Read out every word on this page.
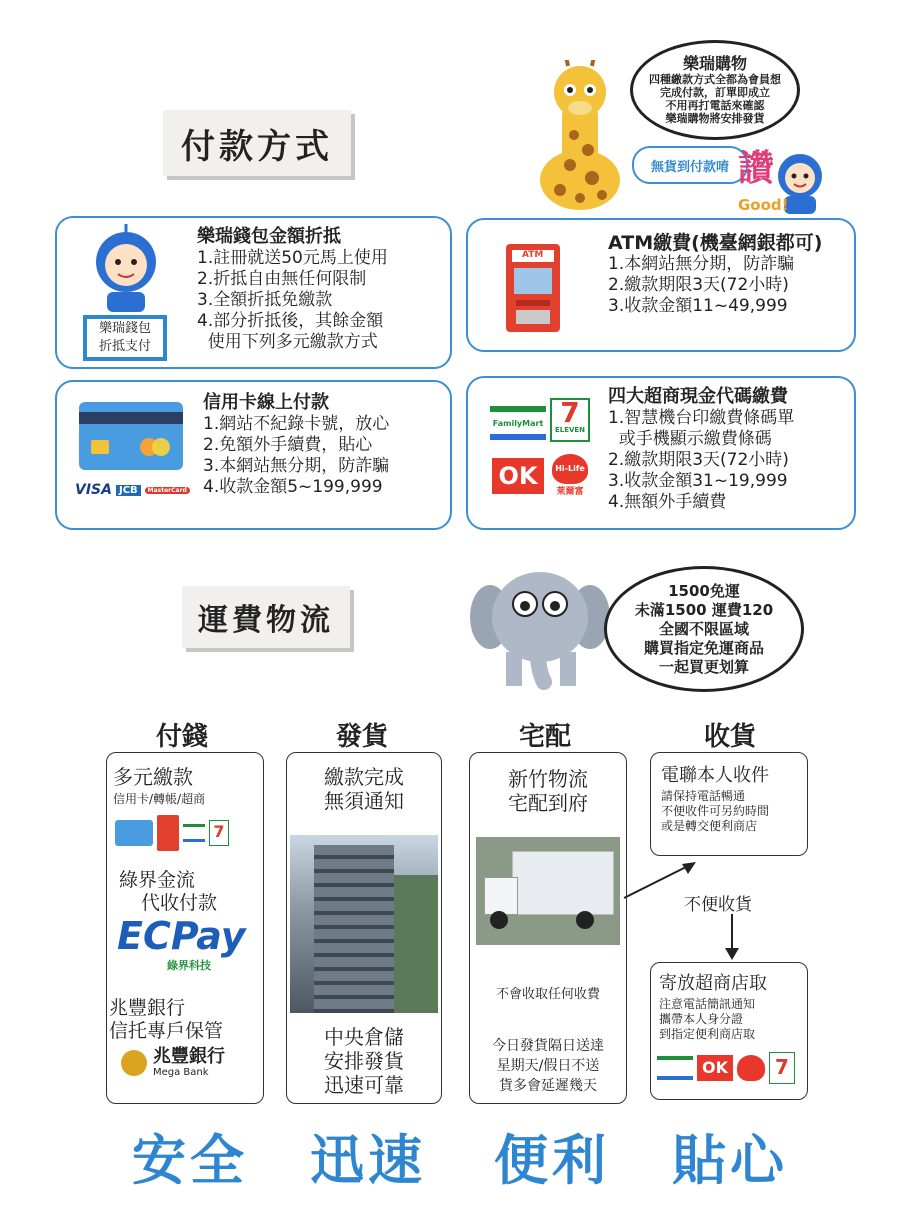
付款方式
樂瑞購物
四種繳款方式全都為會員想
完成付款，訂單即成立
不用再打電話來確認
樂瑞購物將安排發貨
無貨到付款唷 讚
Good!
樂瑞錢包
折抵支付
樂瑞錢包金額折抵
1.註冊就送50元馬上使用
2.折抵自由無任何限制
3.全額折抵免繳款
4.部分折抵後，其餘金額
使用下列多元繳款方式
ATM
ATM繳費(機臺網銀都可)
1.本網站無分期，防詐騙
2.繳款期限3天(72小時)
3.收款金額11~49,999
VISA JCB	MasterCard
信用卡線上付款
1.網站不紀錄卡號，放心
2.免額外手續費，貼心
3.本網站無分期，防詐騙
4.收款金額5~199,999
FamilyMart 7
ELEVEN
OK	Hi-Life
萊爾富
四大超商現金代碼繳費
1.智慧機台印繳費條碼單
或手機顯示繳費條碼
2.繳款期限3天(72小時)
3.收款金額31~19,999
4.無額外手續費
運費物流
1500免運
未滿1500 運費120
全國不限區域
購買指定免運商品
一起買更划算
付錢	發貨	宅配	收貨
多元繳款
信用卡/轉帳/超商
7
綠界金流
代收付款
ECPay
綠界科技
兆豐銀行
信托專戶保管
兆豐銀行
Mega Bank
繳款完成
無須通知
中央倉儲
安排發貨
迅速可靠
新竹物流
宅配到府
不會收取任何收費
今日發貨隔日送達
星期天/假日不送
貨多會延遲幾天
電聯本人收件
請保持電話暢通
不便收件可另約時間
或是轉交便利商店
不便收貨
寄放超商店取
注意電話簡訊通知
攜帶本人身分證
到指定便利商店取
OK	7
安全	迅速	便利	貼心
